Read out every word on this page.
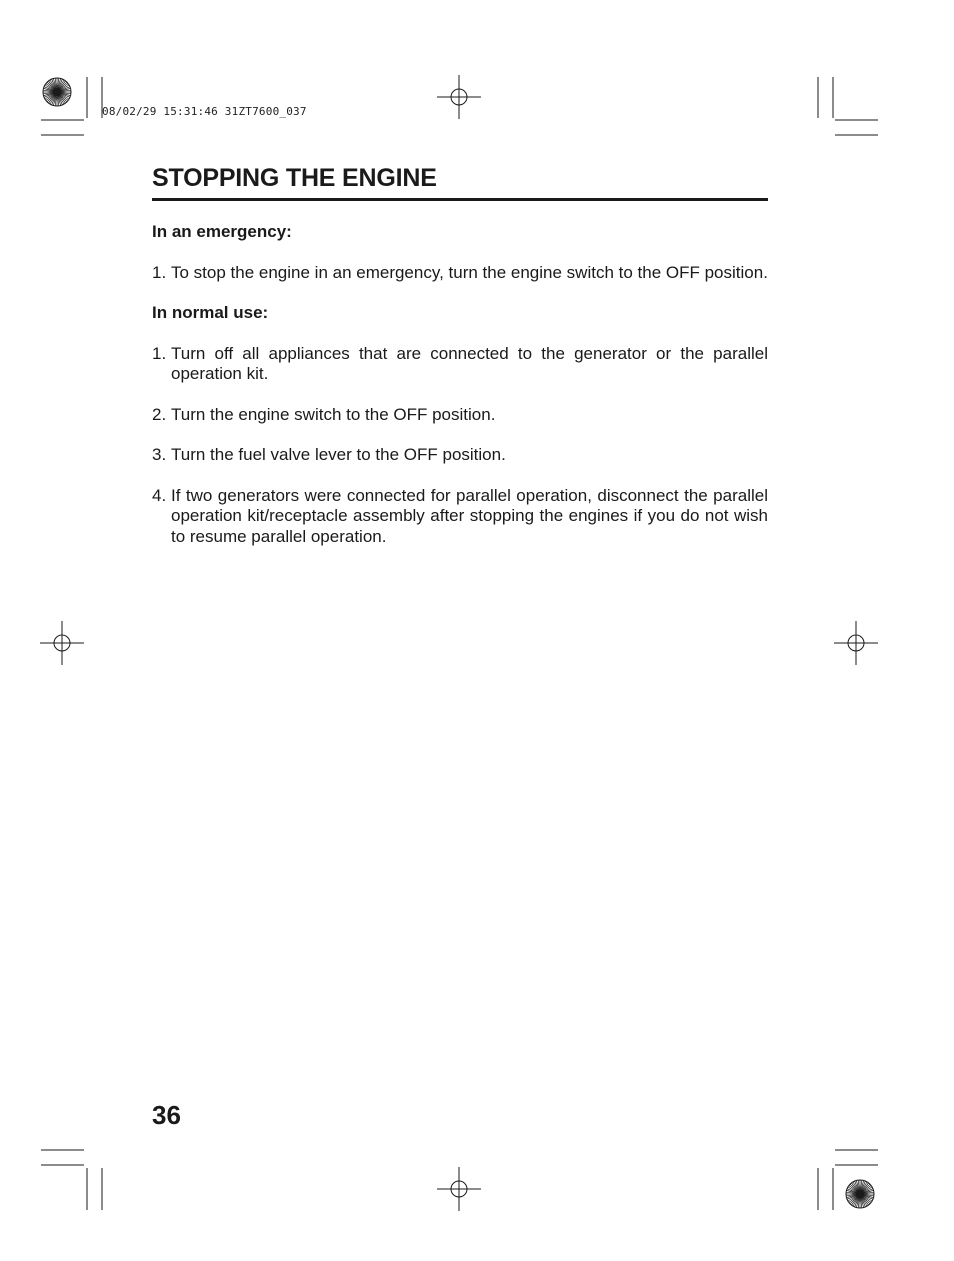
08/02/29 15:31:46 31ZT7600_037
STOPPING THE ENGINE

In an emergency:

1. To stop the engine in an emergency, turn the engine switch to the OFF position.

In normal use:

1. Turn off all appliances that are connected to the generator or the parallel operation kit.
2. Turn the engine switch to the OFF position.
3. Turn the fuel valve lever to the OFF position.
4. If two generators were connected for parallel operation, disconnect the parallel operation kit/receptacle assembly after stopping the engines if you do not wish to resume parallel operation.
36
